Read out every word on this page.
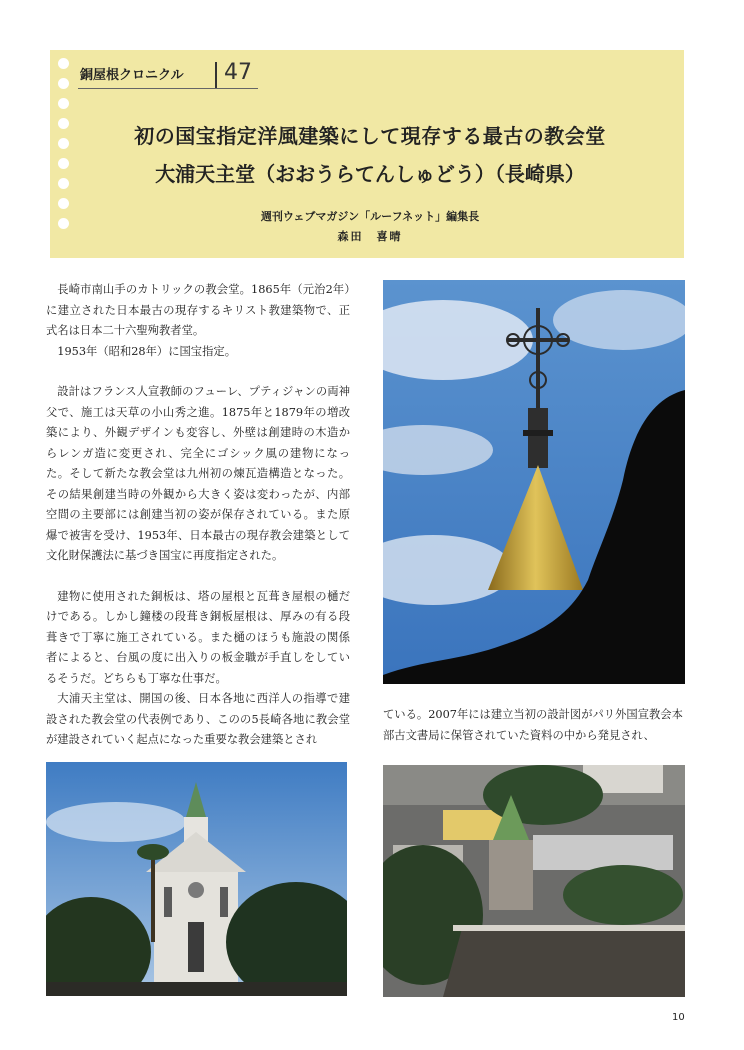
銅屋根クロニクル 47
初の国宝指定洋風建築にして現存する最古の教会堂
大浦天主堂（おおうらてんしゅどう）（長崎県）
週刊ウェブマガジン「ルーフネット」編集長
森田　喜晴

長崎市南山手のカトリックの教会堂。1865年（元治2年）に建立された日本最古の現存するキリスト教建築物で、正式名は日本二十六聖殉教者堂。

1953年（昭和28年）に国宝指定。

設計はフランス人宣教師のフューレ、プティジャンの両神父で、施工は天草の小山秀之進。1875年と1879年の増改築により、外観デザインも変容し、外壁は創建時の木造からレンガ造に変更され、完全にゴシック風の建物になった。そして新たな教会堂は九州初の煉瓦造構造となった。その結果創建当時の外観から大きく姿は変わったが、内部空間の主要部には創建当初の姿が保存されている。また原爆で被害を受け、1953年、日本最古の現存教会建築として文化財保護法に基づき国宝に再度指定された。

建物に使用された銅板は、塔の屋根と瓦葺き屋根の樋だけである。しかし鐘楼の段葺き銅板屋根は、厚みの有る段葺きで丁寧に施工されている。また樋のほうも施設の関係者によると、台風の度に出入りの板金職が手直しをしているそうだ。どちらも丁寧な仕事だ。

大浦天主堂は、開国の後、日本各地に西洋人の指導で建設された教会堂の代表例であり、このの5長崎各地に教会堂が建設されていく起点になった重要な教会建築とされ

ている。2007年には建立当初の設計図がパリ外国宣教会本部古文書局に保管されていた資料の中から発見され、
10
